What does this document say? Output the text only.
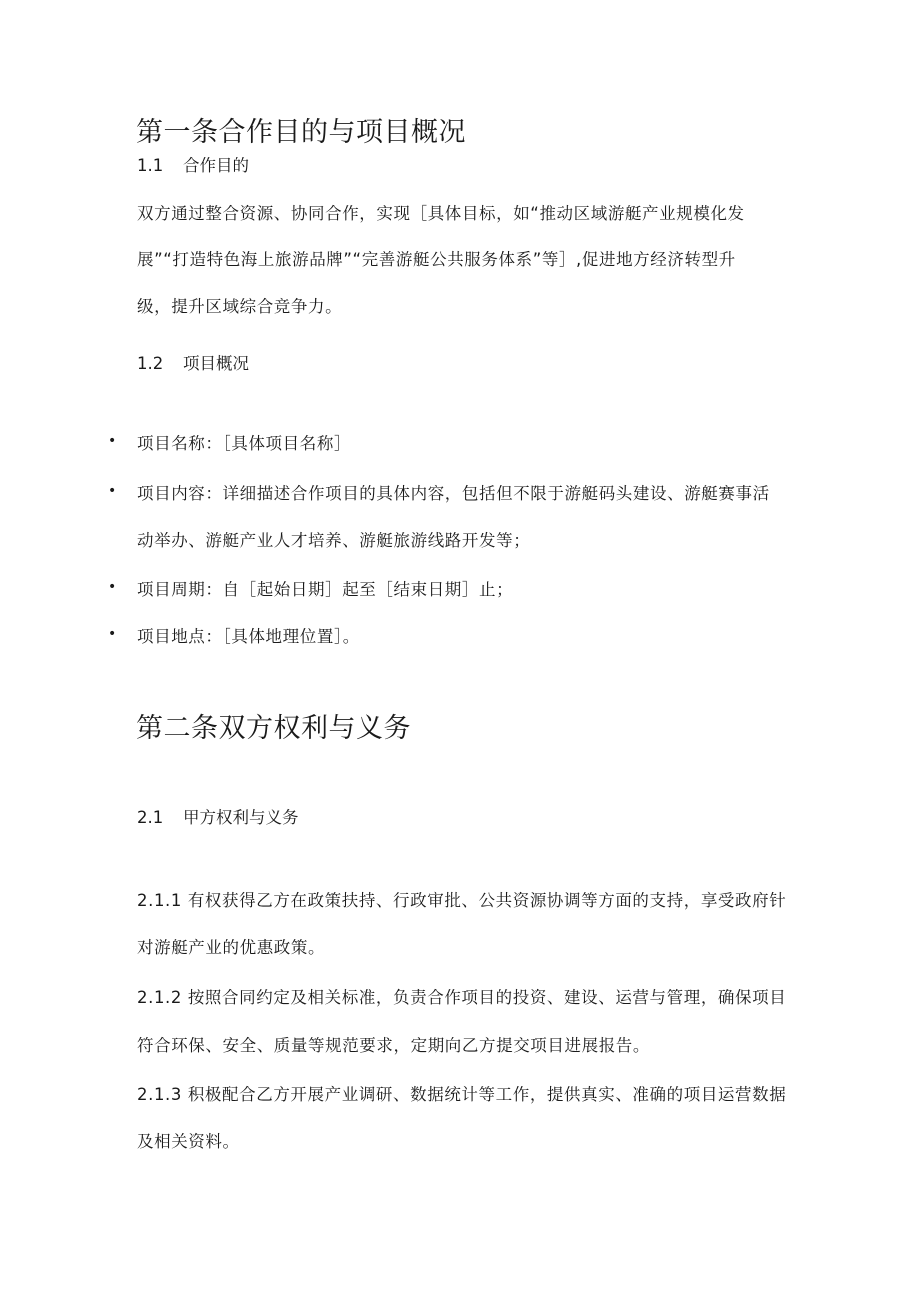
第一条合作目的与项目概况
1.1 合作目的
双方通过整合资源、协同合作，实现［具体目标，如“推动区域游艇产业规模化发
展”“打造特色海上旅游品牌”“完善游艇公共服务体系”等］,促进地方经济转型升
级，提升区域综合竞争力。
1.2 项目概况
• 项目名称：［具体项目名称］
• 项目内容：详细描述合作项目的具体内容，包括但不限于游艇码头建设、游艇赛事活
动举办、游艇产业人才培养、游艇旅游线路开发等；
• 项目周期：自［起始日期］起至［结束日期］止；
• 项目地点：［具体地理位置］。
第二条双方权利与义务
2.1 甲方权利与义务
2.1.1 有权获得乙方在政策扶持、行政审批、公共资源协调等方面的支持，享受政府针
对游艇产业的优惠政策。
2.1.2 按照合同约定及相关标准，负责合作项目的投资、建设、运营与管理，确保项目
符合环保、安全、质量等规范要求，定期向乙方提交项目进展报告。
2.1.3 积极配合乙方开展产业调研、数据统计等工作，提供真实、准确的项目运营数据
及相关资料。
